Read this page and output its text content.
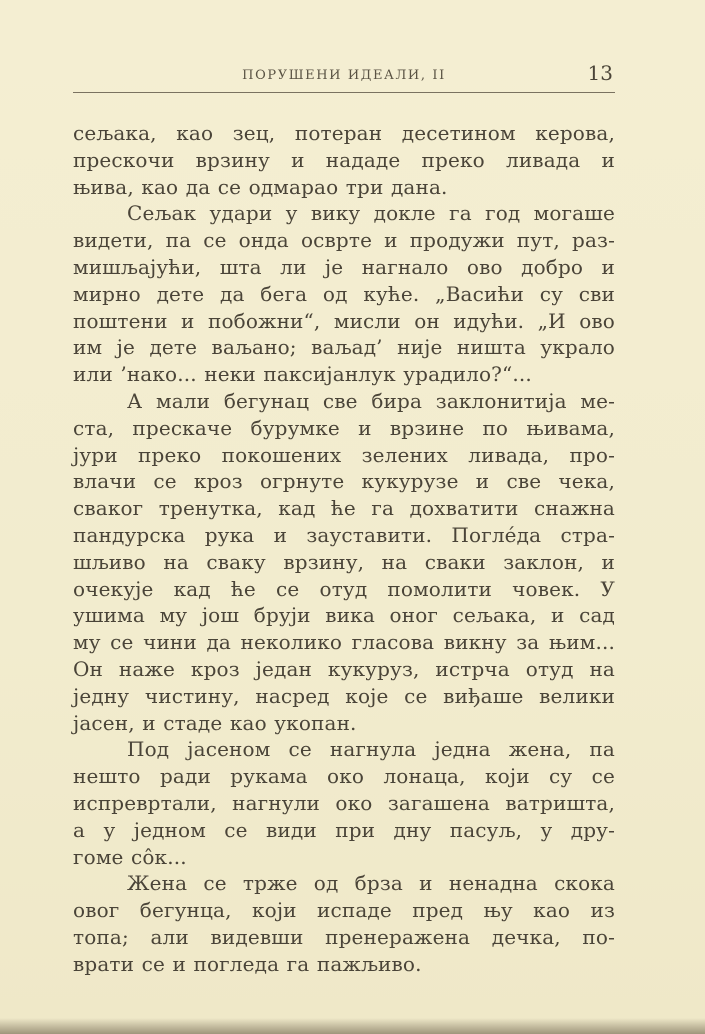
ПОРУШЕНИ ИДЕАЛИ, II	13
сељака, као зец, потеран десетином керова,
прескочи врзину и нададе преко ливада и
њива, као да се одмарао три дана.
Сељак удари у вику докле га год могаше
видети, па се онда осврте и продужи пут, раз-
мишљајући, шта ли је нагнало ово добро и
мирно дете да бега од куће. „Васићи су сви
поштени и побожни“, мисли он идући. „И ово
им је дете ваљано; ваљад’ није ништа украло
или ’нако... неки паксијанлук урадило?“...
А мали бегунац све бира заклонитија ме-
ста, прескаче бурумке и врзине по њивама,
јури преко покошених зелених ливада, про-
влачи се кроз огрнуте кукурузе и све чека,
сваког тренутка, кад ће га дохватити снажна
пандурска рука и зауставити. Поглéда стра-
шљиво на сваку врзину, на сваки заклон, и
очекује кад ће се отуд помолити човек. У
ушима му још бруји вика оног сељака, и сад
му се чини да неколико гласова викну за њим...
Он наже кроз један кукуруз, истрча отуд на
једну чистину, насред које се виђаше велики
јасен, и стаде као укопан.
Под јасеном се нагнула једна жена, па
нешто ради рукама око лонаца, који су се
испревртали, нагнули око загашена ватришта,
а у једном се види при дну пасуљ, у дру-
гоме сôк...
Жена се трже од брза и ненадна скока
овог бегунца, који испаде пред њу као из
топа; али видевши пренеражена дечка, по-
врати се и погледа га пажљиво.
